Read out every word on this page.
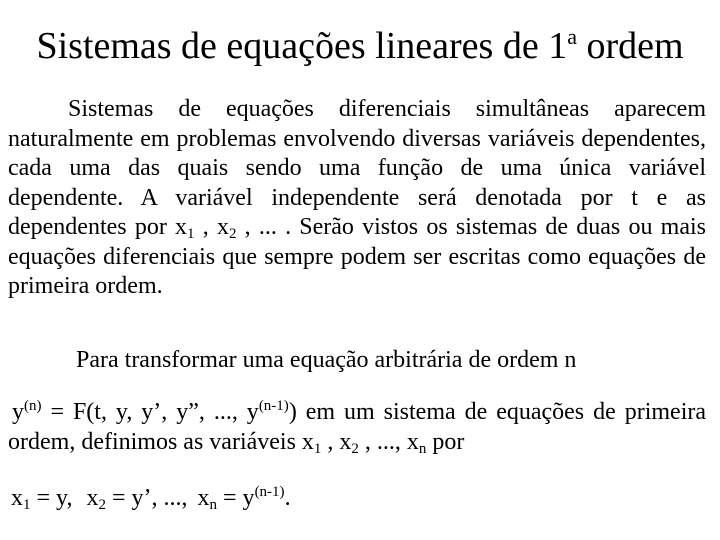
Sistemas de equações lineares de 1$^a$ ordem
Sistemas de equações diferenciais simultâneas aparecem naturalmente em problemas envolvendo diversas variáveis dependentes, cada uma das quais sendo uma função de uma única variável dependente. A variável independente será denotada por t e as dependentes por $x_1$ , $x_2$ , ... . Serão vistos os sistemas de duas ou mais equações diferenciais que sempre podem ser escritas como equações de primeira ordem.
Para transformar uma equação arbitrária de ordem n
$y^{(n)} = F(t$, y, y’, y”, ..., $y^{(n-1)}$) em um sistema de equações de primeira ordem, definimos as variáveis $x_1$ , $x_2$ , ..., $x_n$ por
$x_1 = y$, $x_2 = y$’, ..., $x_n = y^{(n-1)}$.
